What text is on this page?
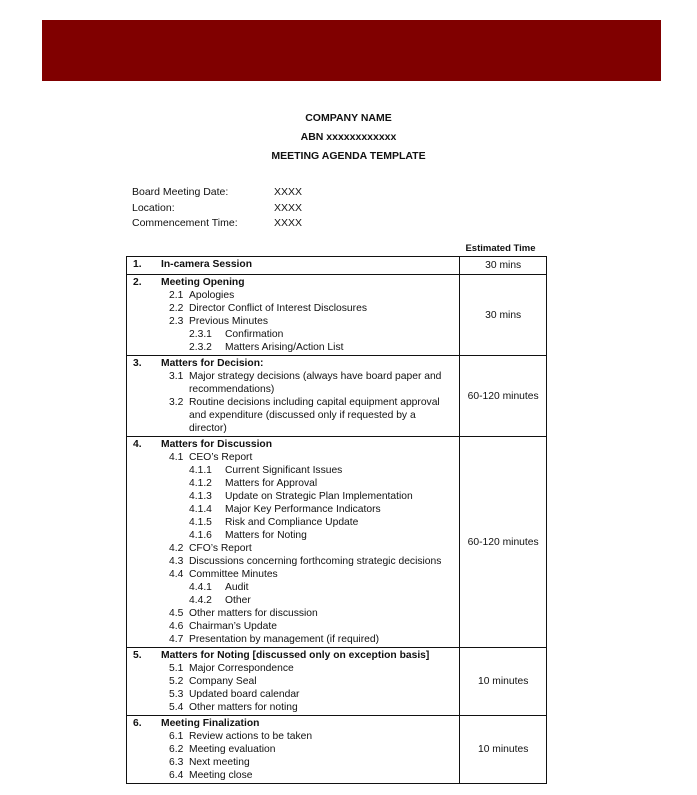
COMPANY NAME
ABN xxxxxxxxxxxx
MEETING AGENDA TEMPLATE
Board Meeting Date:	XXXX
Location:	XXXX
Commencement Time:	XXXX
Estimated Time
1. In-camera Session	30 mins

2.	Meeting Opening
2.1 Apologies
2.2 Director Conflict of Interest Disclosures
2.3 Previous Minutes
2.3.1	Confirmation
2.3.2	Matters Arising/Action List
	30 mins

3.	Matters for Decision:
3.1 Major strategy decisions (always have board paper and recommendations)
3.2 Routine decisions including capital equipment approval and expenditure (discussed only if requested by a director)
	60-120 minutes

4.	Matters for Discussion
4.1 CEO’s Report
4.1.1	Current Significant Issues
4.1.2	Matters for Approval
4.1.3	Update on Strategic Plan Implementation
4.1.4	Major Key Performance Indicators
4.1.5	Risk and Compliance Update
4.1.6	Matters for Noting
4.2 CFO’s Report
4.3 Discussions concerning forthcoming strategic decisions
4.4 Committee Minutes
4.4.1	Audit
4.4.2	Other
4.5 Other matters for discussion
4.6 Chairman’s Update
4.7 Presentation by management (if required)
	60-120 minutes

5.	Matters for Noting [discussed only on exception basis]
5.1 Major Correspondence
5.2 Company Seal
5.3 Updated board calendar
5.4 Other matters for noting
	10 minutes

6.	Meeting Finalization
6.1 Review actions to be taken
6.2 Meeting evaluation
6.3 Next meeting
6.4 Meeting close
	10 minutes
